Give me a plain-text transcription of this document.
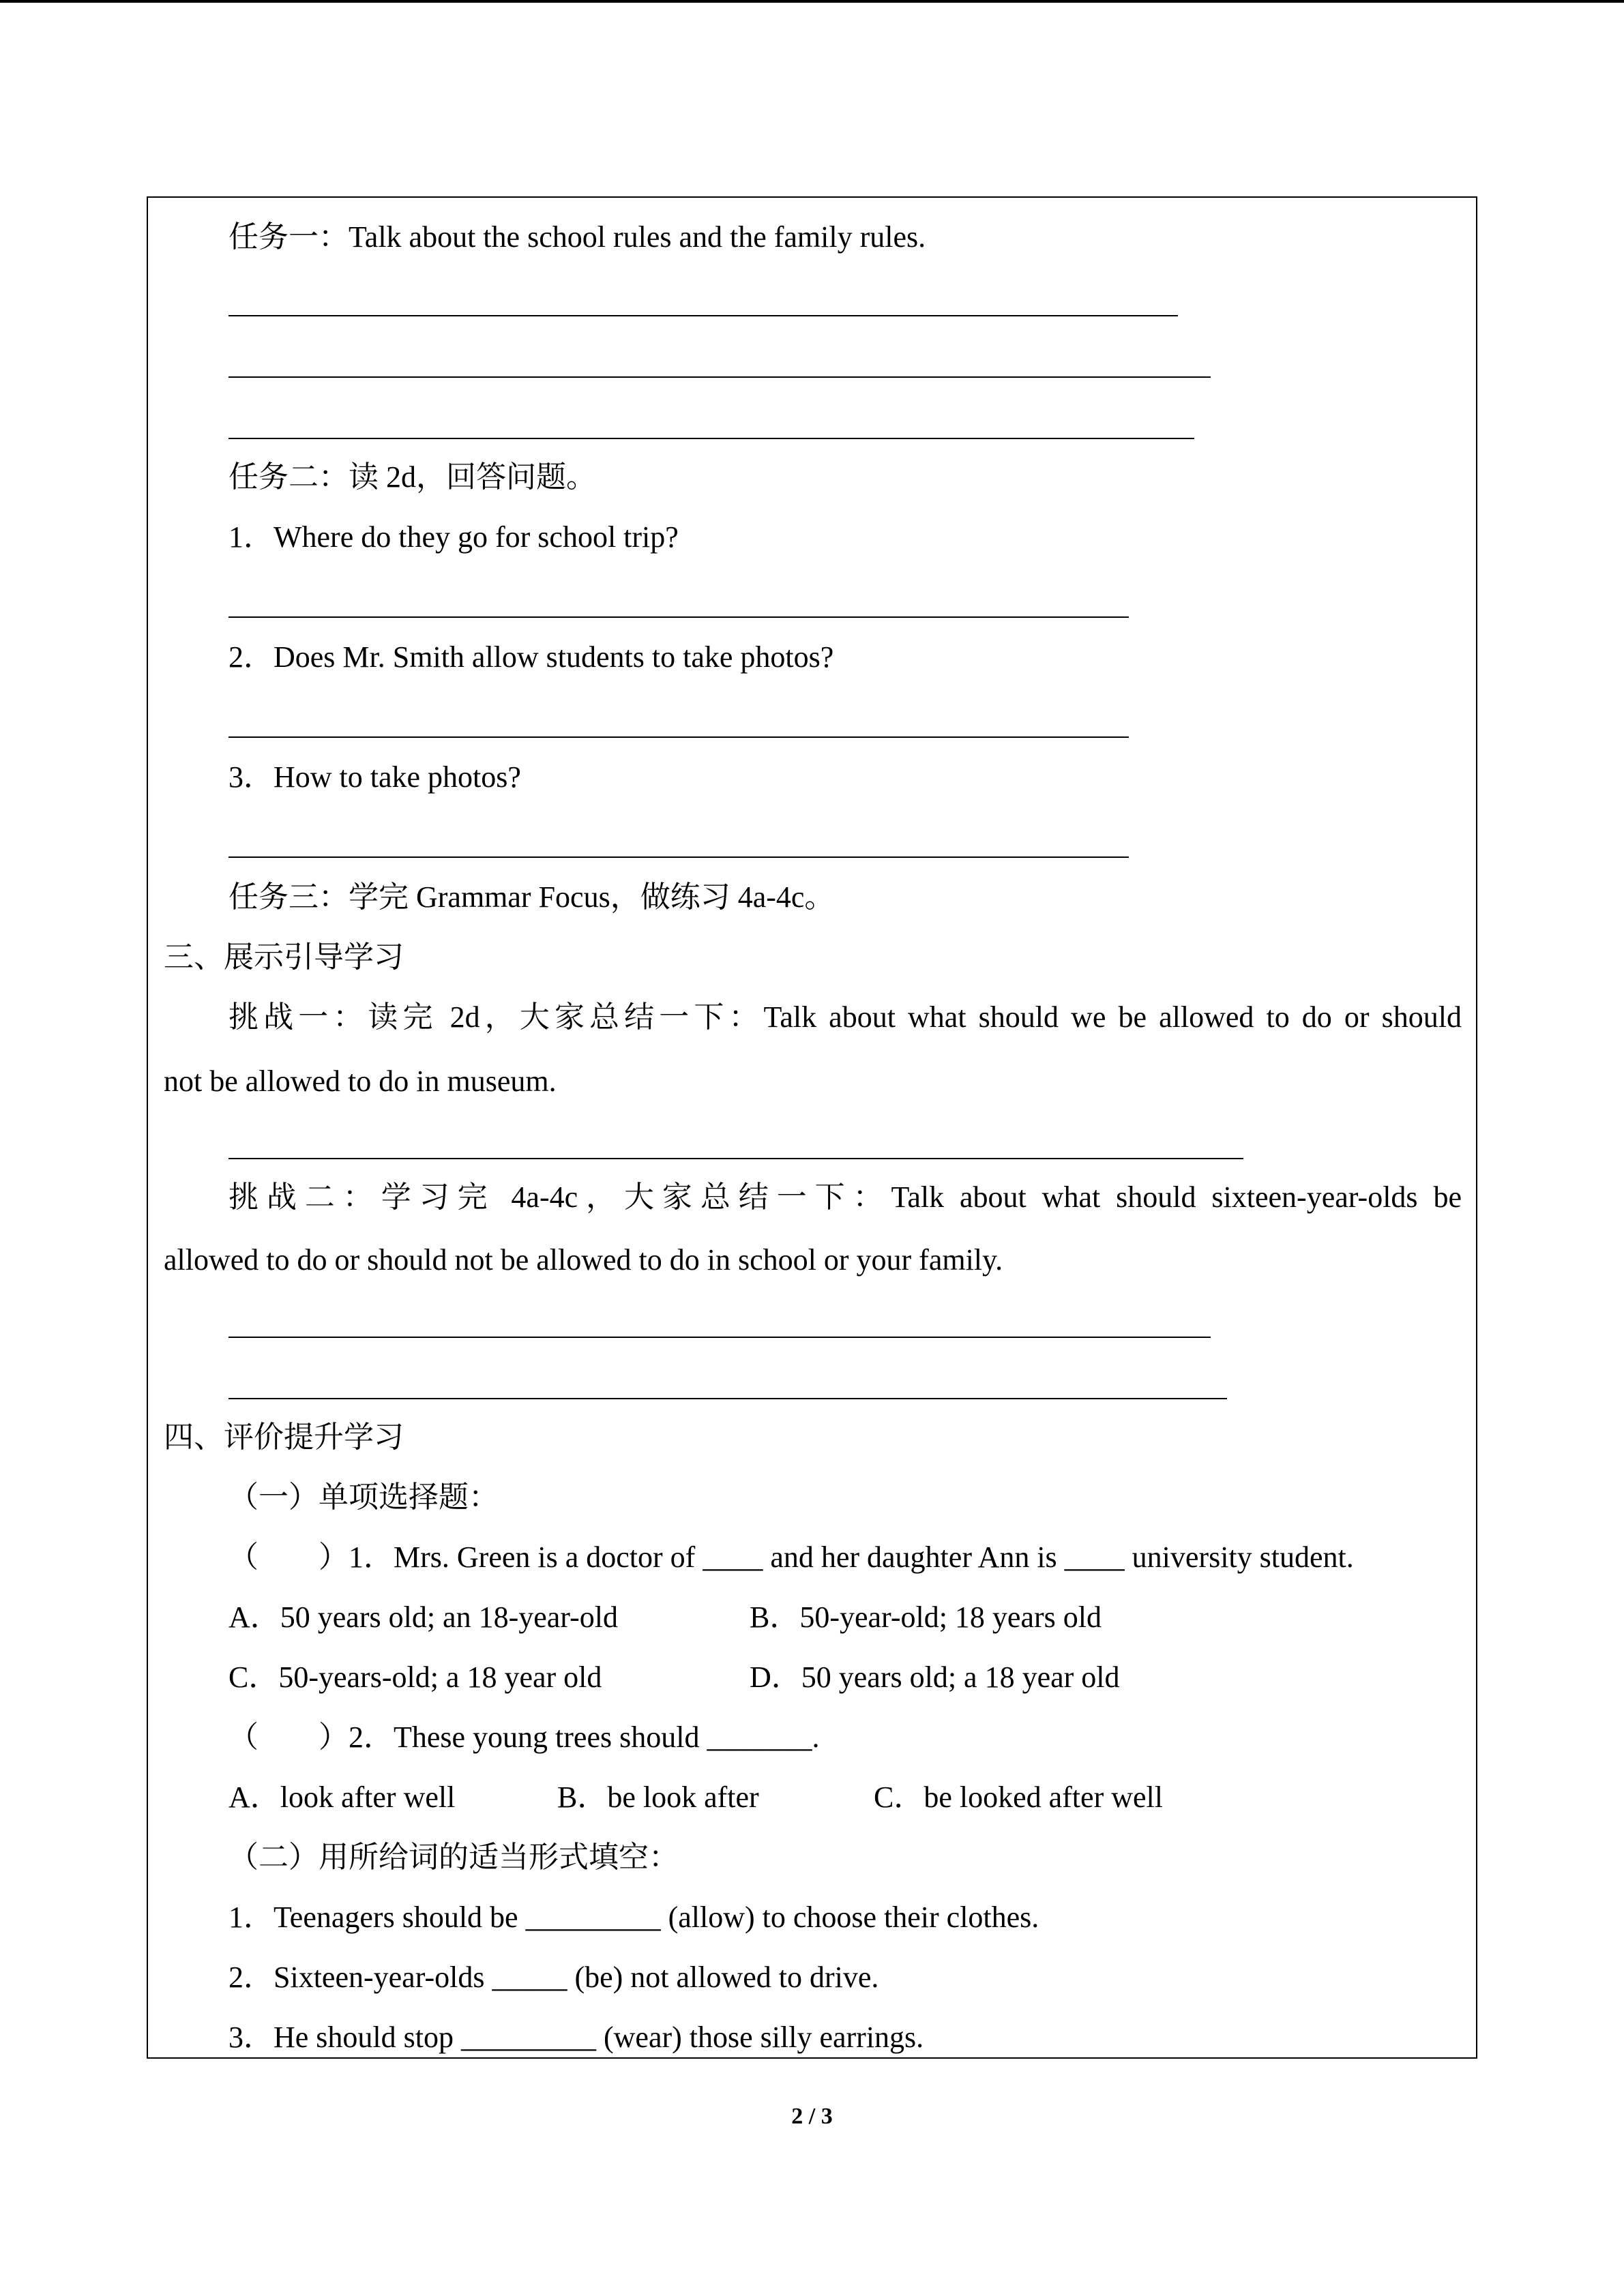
任务一：Talk about the school rules and the family rules.
任务二：读 2d，回答问题。
1．Where do they go for school trip?
2．Does Mr. Smith allow students to take photos?
3．How to take photos?
任务三：学完 Grammar Focus，做练习 4a-4c。
三、展示引导学习
挑战一：读完 2d，大家总结一下：Talk about what should we be allowed to do or should
not be allowed to do in museum.
挑战二：学习完 4a-4c，大家总结一下：Talk about what should sixteen-year-olds be
allowed to do or should not be allowed to do in school or your family.
四、评价提升学习
（一）单项选择题：
（　　）1．Mrs. Green is a doctor of ____ and her daughter Ann is ____ university student.
A．50 years old; an 18-year-old	B．50-year-old; 18 years old
C．50-years-old; a 18 year old	D．50 years old; a 18 year old
（　　）2．These young trees should _______.
A．look after well	B．be look after	C．be looked after well
（二）用所给词的适当形式填空：
1．Teenagers should be _________ (allow) to choose their clothes.
2．Sixteen-year-olds _____ (be) not allowed to drive.
3．He should stop _________ (wear) those silly earrings.
2 / 3
